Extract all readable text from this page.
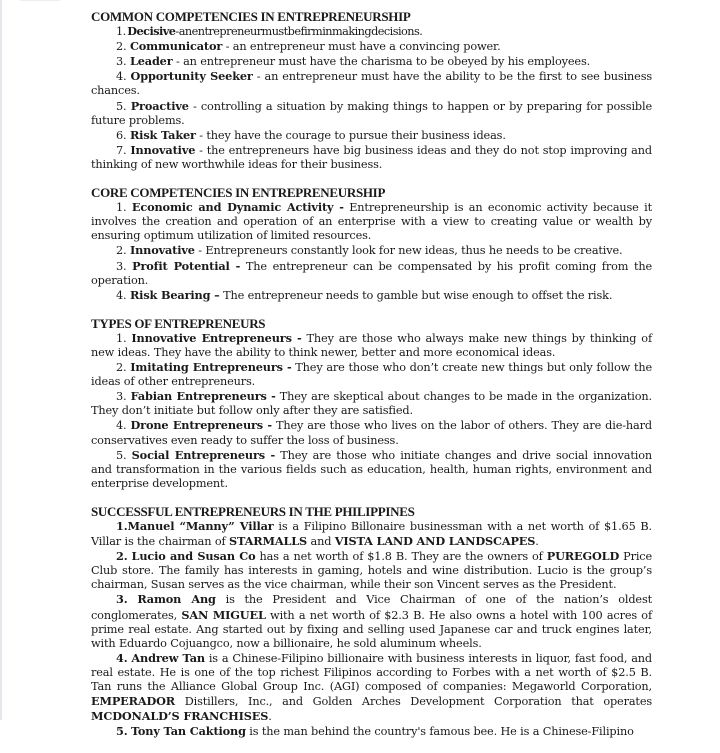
COMMON COMPETENCIES IN ENTREPRENEURSHIP

1. Decisive-anentrepreneurmustbefirminmakingdecisions.

2. Communicator - an entrepreneur must have a convincing power.

3. Leader - an entrepreneur must have the charisma to be obeyed by his employees.

4. Opportunity Seeker - an entrepreneur must have the ability to be the first to see business chances.

5. Proactive - controlling a situation by making things to happen or by preparing for possible future problems.

6. Risk Taker - they have the courage to pursue their business ideas.

7. Innovative - the entrepreneurs have big business ideas and they do not stop improving and thinking of new worthwhile ideas for their business.

CORE COMPETENCIES IN ENTREPRENEURSHIP

1. Economic and Dynamic Activity - Entrepreneurship is an economic activity because it involves the creation and operation of an enterprise with a view to creating value or wealth by ensuring optimum utilization of limited resources.

2. Innovative - Entrepreneurs constantly look for new ideas, thus he needs to be creative.

3. Profit Potential - The entrepreneur can be compensated by his profit coming from the operation.

4. Risk Bearing – The entrepreneur needs to gamble but wise enough to offset the risk.

TYPES OF ENTREPRENEURS

1. Innovative Entrepreneurs - They are those who always make new things by thinking of new ideas. They have the ability to think newer, better and more economical ideas.

2. Imitating Entrepreneurs - They are those who don’t create new things but only follow the ideas of other entrepreneurs.

3. Fabian Entrepreneurs - They are skeptical about changes to be made in the organization. They don’t initiate but follow only after they are satisfied.

4. Drone Entrepreneurs - They are those who lives on the labor of others. They are die-hard conservatives even ready to suffer the loss of business.

5. Social Entrepreneurs - They are those who initiate changes and drive social innovation and transformation in the various fields such as education, health, human rights, environment and enterprise development.

SUCCESSFUL ENTREPRENEURS IN THE PHILIPPINES

1.Manuel “Manny” Villar is a Filipino Billonaire businessman with a net worth of $1.65 B. Villar is the chairman of STARMALLS and VISTA LAND AND LANDSCAPES.

2. Lucio and Susan Co has a net worth of $1.8 B. They are the owners of PUREGOLD Price Club store. The family has interests in gaming, hotels and wine distribution. Lucio is the group’s chairman, Susan serves as the vice chairman, while their son Vincent serves as the President.

3. Ramon Ang is the President and Vice Chairman of one of the nation’s oldest conglomerates, SAN MIGUEL with a net worth of $2.3 B. He also owns a hotel with 100 acres of prime real estate. Ang started out by fixing and selling used Japanese car and truck engines later, with Eduardo Cojuangco, now a billionaire, he sold aluminum wheels.

4. Andrew Tan is a Chinese-Filipino billionaire with business interests in liquor, fast food, and real estate. He is one of the top richest Filipinos according to Forbes with a net worth of $2.5 B. Tan runs the Alliance Global Group Inc. (AGI) composed of companies: Megaworld Corporation, EMPERADOR Distillers, Inc., and Golden Arches Development Corporation that operates MCDONALD’S FRANCHISES.

5. Tony Tan Caktiong is the man behind the country's famous bee. He is a Chinese-Filipino
